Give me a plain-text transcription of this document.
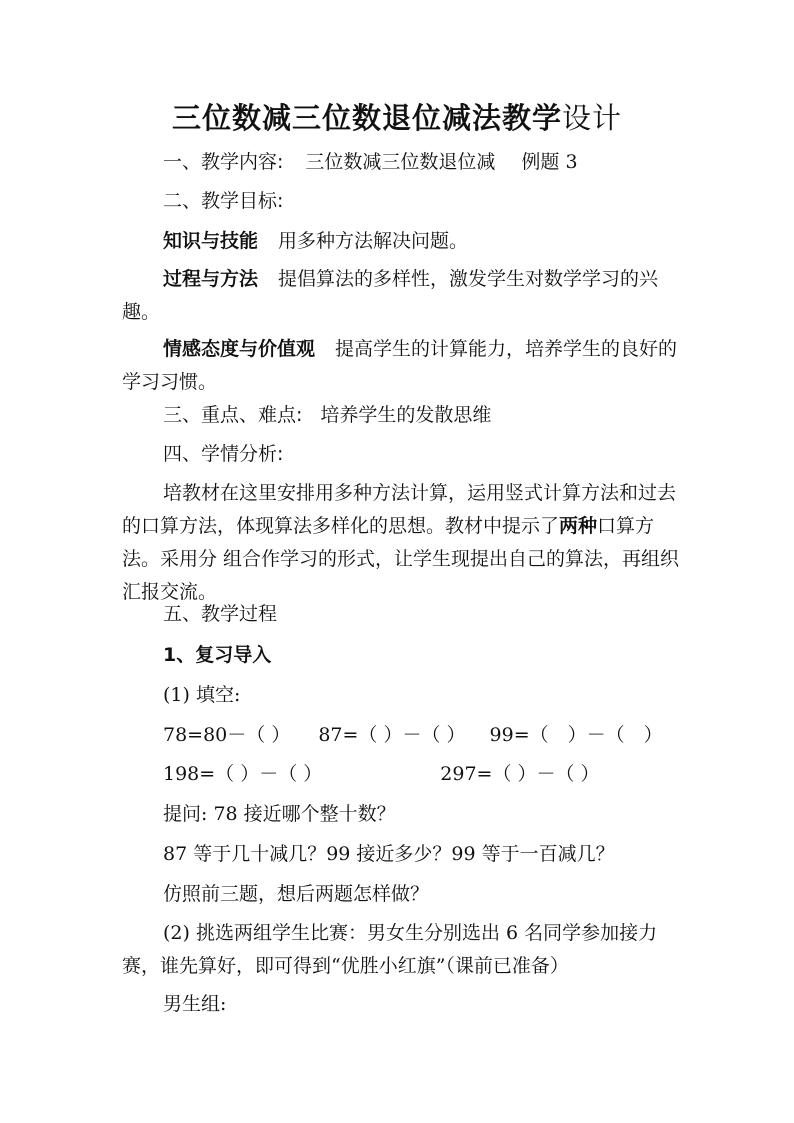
三位数减三位数退位减法教学设计
一、教学内容: 三位数减三位数退位减 例题 3
二、教学目标:
知识与技能 用多种方法解决问题。
过程与方法 提倡算法的多样性，激发学生对数学学习的兴趣。
情感态度与价值观 提高学生的计算能力，培养学生的良好的学习习惯。
三、重点、难点: 培养学生的发散思维
四、学情分析:
培教材在这里安排用多种方法计算，运用竖式计算方法和过去的口算方法，体现算法多样化的思想。教材中提示了两种口算方法。采用分 组合作学习的形式，让学生现提出自己的算法，再组织汇报交流。
五、教学过程
1、复习导入
(1) 填空:
78=80－（ ） 87=（ ）－（ ） 99=（　）－（　）
198=（ ）－（ ）	297=（ ）－（ ）
提问: 78 接近哪个整十数？
87 等于几十减几？99 接近多少？99 等于一百减几？
仿照前三题，想后两题怎样做？
(2) 挑选两组学生比赛：男女生分别选出 6 名同学参加接力赛，谁先算好，即可得到“优胜小红旗”（课前已准备）
男生组:
